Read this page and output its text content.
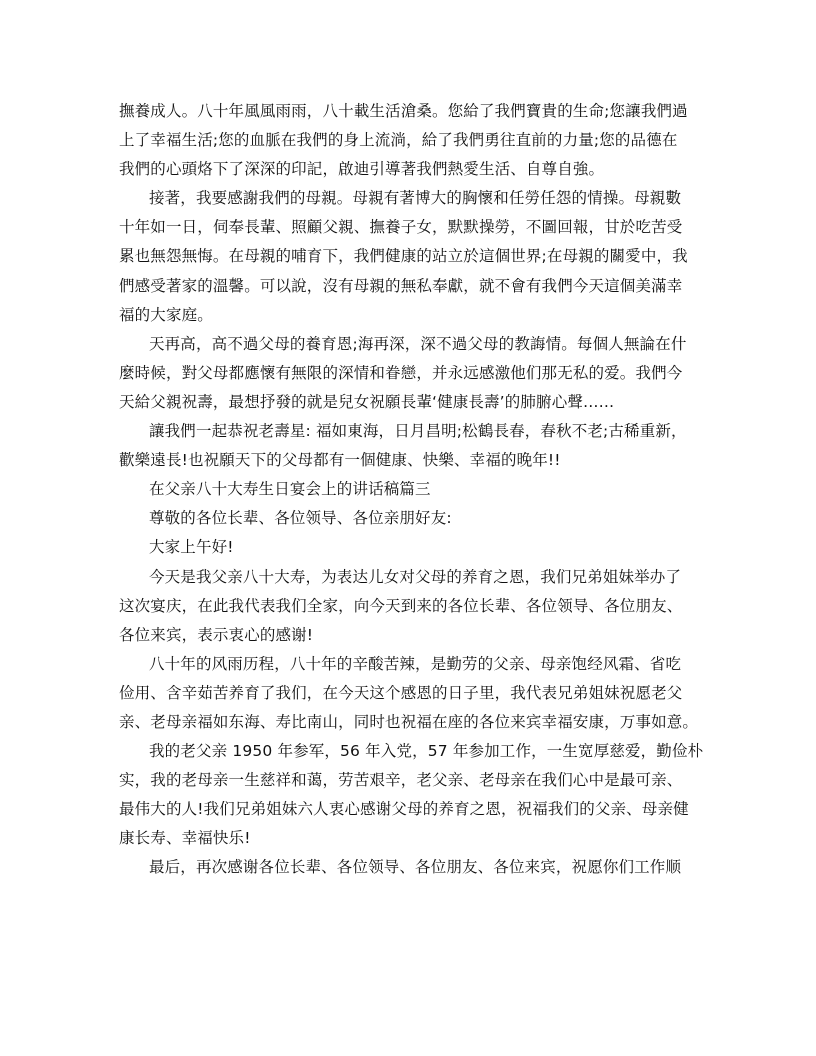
撫養成人。八十年風風雨雨，八十載生活滄桑。您給了我們寶貴的生命;您讓我們過
上了幸福生活;您的血脈在我們的身上流淌，給了我們勇往直前的力量;您的品德在
我們的心頭烙下了深深的印記，啟迪引導著我們熱愛生活、自尊自強。
接著，我要感謝我們的母親。母親有著博大的胸懷和任勞任怨的情操。母親數
十年如一日，伺奉長輩、照顧父親、撫養子女，默默操勞，不圖回報，甘於吃苦受
累也無怨無悔。在母親的哺育下，我們健康的站立於這個世界;在母親的關愛中，我
們感受著家的溫馨。可以說，沒有母親的無私奉獻，就不會有我們今天這個美滿幸
福的大家庭。
天再高，高不過父母的養育恩;海再深，深不過父母的教誨情。每個人無論在什
麼時候，對父母都應懷有無限的深情和眷戀，并永远感激他们那无私的爱。我們今
天給父親祝壽，最想抒發的就是兒女祝願長輩‘健康長壽’的肺腑心聲……
讓我們一起恭祝老壽星: 福如東海，日月昌明;松鶴長春，春秋不老;古稀重新，
歡樂遠長!也祝願天下的父母都有一個健康、快樂、幸福的晚年!!
在父亲八十大寿生日宴会上的讲话稿篇三
尊敬的各位长辈、各位领导、各位亲朋好友:
大家上午好!
今天是我父亲八十大寿，为表达儿女对父母的养育之恩，我们兄弟姐妹举办了
这次宴庆，在此我代表我们全家，向今天到来的各位长辈、各位领导、各位朋友、
各位来宾，表示衷心的感谢!
八十年的风雨历程，八十年的辛酸苦辣，是勤劳的父亲、母亲饱经风霜、省吃
俭用、含辛茹苦养育了我们，在今天这个感恩的日子里，我代表兄弟姐妹祝愿老父
亲、老母亲福如东海、寿比南山，同时也祝福在座的各位来宾幸福安康，万事如意。
我的老父亲 1950 年参军，56 年入党，57 年参加工作，一生宽厚慈爱，勤俭朴
实，我的老母亲一生慈祥和蔼，劳苦艰辛，老父亲、老母亲在我们心中是最可亲、
最伟大的人!我们兄弟姐妹六人衷心感谢父母的养育之恩，祝福我们的父亲、母亲健
康长寿、幸福快乐!
最后，再次感谢各位长辈、各位领导、各位朋友、各位来宾，祝愿你们工作顺
